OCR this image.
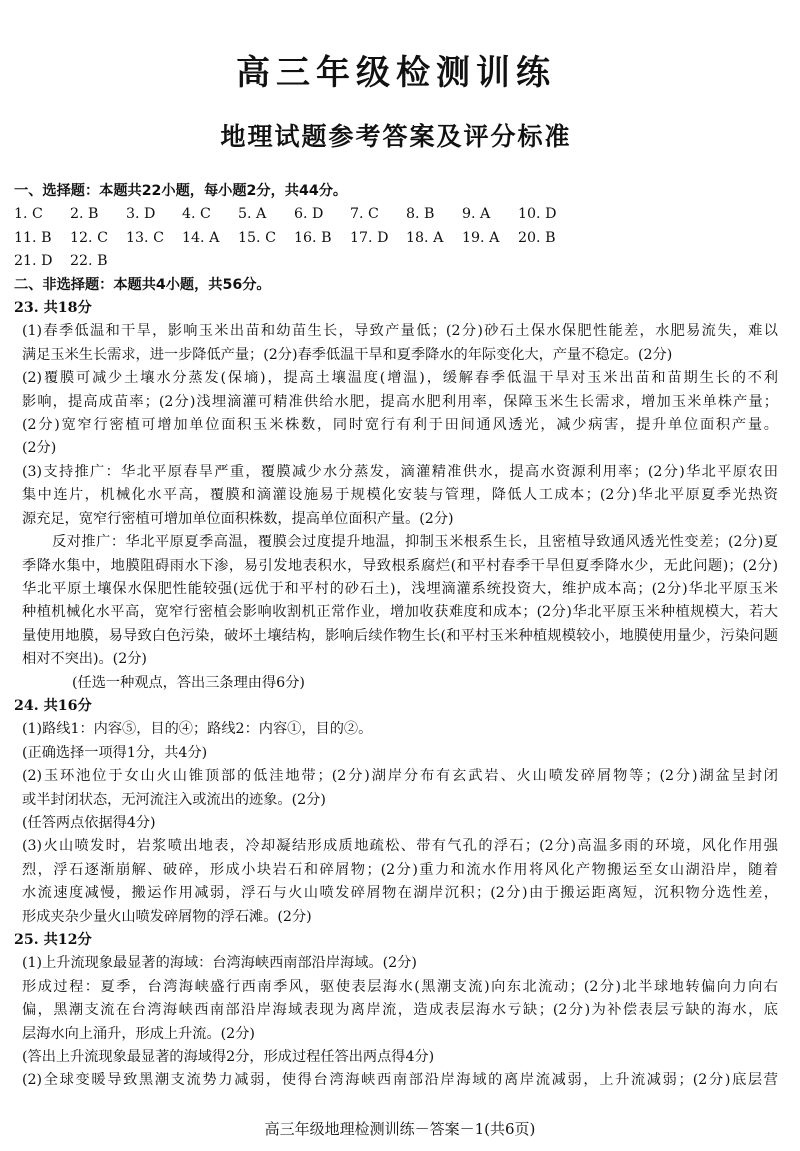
高三年级检测训练
地理试题参考答案及评分标准
一、选择题：本题共22小题，每小题2分，共44分。
1. C	2. B	3. D	4. C	5. A	6. D	7. C	8. B	9. A	10. D
11. B	12. C	13. C	14. A	15. C	16. B	17. D	18. A	19. A	20. B
21. D	22. B
二、非选择题：本题共4小题，共56分。
23. 共18分
(1)春季低温和干旱，影响玉米出苗和幼苗生长，导致产量低；(2分)砂石土保水保肥性能差，水肥易流失，难以
满足玉米生长需求，进一步降低产量；(2分)春季低温干旱和夏季降水的年际变化大，产量不稳定。(2分)
(2)覆膜可减少土壤水分蒸发(保墒)，提高土壤温度(增温)，缓解春季低温干旱对玉米出苗和苗期生长的不利
影响，提高成苗率；(2分)浅埋滴灌可精准供给水肥，提高水肥利用率，保障玉米生长需求，增加玉米单株产量；
(2分)宽窄行密植可增加单位面积玉米株数，同时宽行有利于田间通风透光，减少病害，提升单位面积产量。
(2分)
(3)支持推广：华北平原春旱严重，覆膜减少水分蒸发，滴灌精准供水，提高水资源利用率；(2分)华北平原农田
集中连片，机械化水平高，覆膜和滴灌设施易于规模化安装与管理，降低人工成本；(2分)华北平原夏季光热资
源充足，宽窄行密植可增加单位面积株数，提高单位面积产量。(2分)
反对推广：华北平原夏季高温，覆膜会过度提升地温，抑制玉米根系生长，且密植导致通风透光性变差；(2分)夏
季降水集中，地膜阻碍雨水下渗，易引发地表积水，导致根系腐烂(和平村春季干旱但夏季降水少，无此问题)；(2分)
华北平原土壤保水保肥性能较强(远优于和平村的砂石土)，浅埋滴灌系统投资大，维护成本高；(2分)华北平原玉米
种植机械化水平高，宽窄行密植会影响收割机正常作业，增加收获难度和成本；(2分)华北平原玉米种植规模大，若大
量使用地膜，易导致白色污染，破坏土壤结构，影响后续作物生长(和平村玉米种植规模较小，地膜使用量少，污染问题
相对不突出)。(2分)
(任选一种观点，答出三条理由得6分)
24. 共16分
(1)路线1：内容⑤，目的④；路线2：内容①，目的②。
(正确选择一项得1分，共4分)
(2)玉环池位于女山火山锥顶部的低洼地带；(2分)湖岸分布有玄武岩、火山喷发碎屑物等；(2分)湖盆呈封闭
或半封闭状态，无河流注入或流出的迹象。(2分)
(任答两点依据得4分)
(3)火山喷发时，岩浆喷出地表，冷却凝结形成质地疏松、带有气孔的浮石；(2分)高温多雨的环境，风化作用强
烈，浮石逐渐崩解、破碎，形成小块岩石和碎屑物；(2分)重力和流水作用将风化产物搬运至女山湖沿岸，随着
水流速度减慢，搬运作用减弱，浮石与火山喷发碎屑物在湖岸沉积；(2分)由于搬运距离短，沉积物分选性差，
形成夹杂少量火山喷发碎屑物的浮石滩。(2分)
25. 共12分
(1)上升流现象最显著的海域：台湾海峡西南部沿岸海域。(2分)
形成过程：夏季，台湾海峡盛行西南季风，驱使表层海水(黑潮支流)向东北流动；(2分)北半球地转偏向力向右
偏，黑潮支流在台湾海峡西南部沿岸海域表现为离岸流，造成表层海水亏缺；(2分)为补偿表层亏缺的海水，底
层海水向上涌升，形成上升流。(2分)
(答出上升流现象最显著的海域得2分，形成过程任答出两点得4分)
(2)全球变暖导致黑潮支流势力减弱，使得台湾海峡西南部沿岸海域的离岸流减弱，上升流减弱；(2分)底层营
高三年级地理检测训练－答案－1(共6页)
